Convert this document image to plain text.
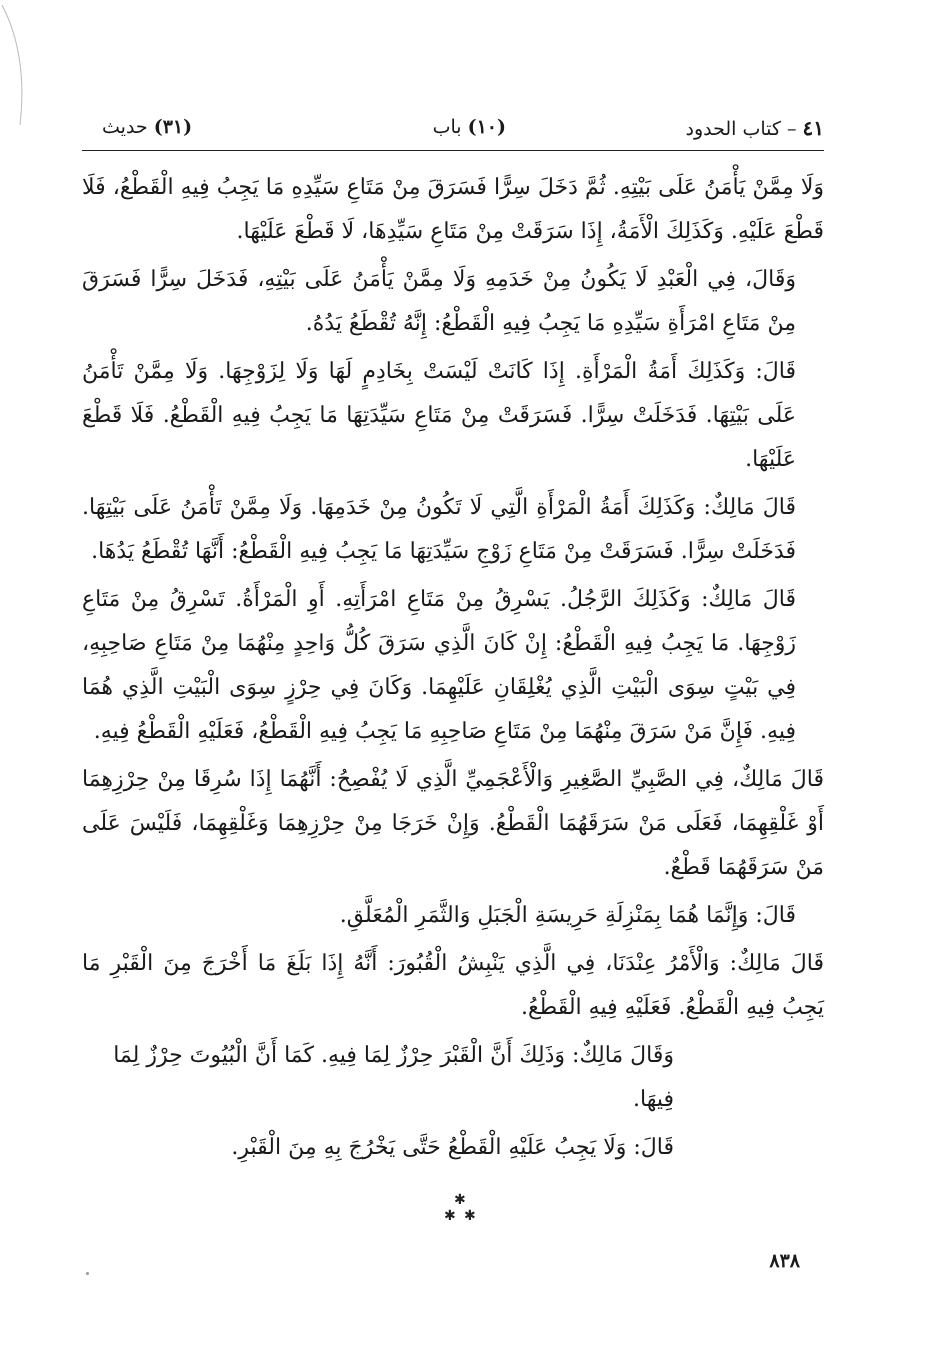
٤١ – كتاب الحدود
(١٠) باب
(٣١) حديث

وَلَا مِمَّنْ يَأْمَنُ عَلَى بَيْتِهِ. ثُمَّ دَخَلَ سِرًّا فَسَرَقَ مِنْ مَتَاعِ سَيِّدِهِ مَا يَجِبُ فِيهِ الْقَطْعُ، فَلَا قَطْعَ عَلَيْهِ. وَكَذَلِكَ الْأَمَةُ، إِذَا سَرَقَتْ مِنْ مَتَاعِ سَيِّدِهَا، لَا قَطْعَ عَلَيْهَا.

وَقَالَ، فِي الْعَبْدِ لَا يَكُونُ مِنْ خَدَمِهِ وَلَا مِمَّنْ يَأْمَنُ عَلَى بَيْتِهِ، فَدَخَلَ سِرًّا فَسَرَقَ مِنْ مَتَاعِ امْرَأَةِ سَيِّدِهِ مَا يَجِبُ فِيهِ الْقَطْعُ: إِنَّهُ تُقْطَعُ يَدُهُ.

قَالَ: وَكَذَلِكَ أَمَةُ الْمَرْأَةِ. إِذَا كَانَتْ لَيْسَتْ بِخَادِمٍ لَهَا وَلَا لِزَوْجِهَا. وَلَا مِمَّنْ تَأْمَنُ عَلَى بَيْتِهَا. فَدَخَلَتْ سِرًّا. فَسَرَقَتْ مِنْ مَتَاعِ سَيِّدَتِهَا مَا يَجِبُ فِيهِ الْقَطْعُ. فَلَا قَطْعَ عَلَيْهَا.

قَالَ مَالِكٌ: وَكَذَلِكَ أَمَةُ الْمَرْأَةِ الَّتِي لَا تَكُونُ مِنْ خَدَمِهَا. وَلَا مِمَّنْ تَأْمَنُ عَلَى بَيْتِهَا. فَدَخَلَتْ سِرًّا. فَسَرَقَتْ مِنْ مَتَاعِ زَوْجِ سَيِّدَتِهَا مَا يَجِبُ فِيهِ الْقَطْعُ: أَنَّهَا تُقْطَعُ يَدُهَا.

قَالَ مَالِكٌ: وَكَذَلِكَ الرَّجُلُ. يَسْرِقُ مِنْ مَتَاعِ امْرَأَتِهِ. أَوِ الْمَرْأَةُ. تَسْرِقُ مِنْ مَتَاعِ زَوْجِهَا. مَا يَجِبُ فِيهِ الْقَطْعُ: إِنْ كَانَ الَّذِي سَرَقَ كُلُّ وَاحِدٍ مِنْهُمَا مِنْ مَتَاعِ صَاحِبِهِ، فِي بَيْتٍ سِوَى الْبَيْتِ الَّذِي يُغْلِقَانِ عَلَيْهِمَا. وَكَانَ فِي حِرْزٍ سِوَى الْبَيْتِ الَّذِي هُمَا فِيهِ. فَإِنَّ مَنْ سَرَقَ مِنْهُمَا مِنْ مَتَاعِ صَاحِبِهِ مَا يَجِبُ فِيهِ الْقَطْعُ، فَعَلَيْهِ الْقَطْعُ فِيهِ.

قَالَ مَالِكٌ، فِي الصَّبِيِّ الصَّغِيرِ وَالْأَعْجَمِيِّ الَّذِي لَا يُفْصِحُ: أَنَّهُمَا إِذَا سُرِقَا مِنْ حِرْزِهِمَا أَوْ غَلْقِهِمَا، فَعَلَى مَنْ سَرَقَهُمَا الْقَطْعُ. وَإِنْ خَرَجَا مِنْ حِرْزِهِمَا وَغَلْقِهِمَا، فَلَيْسَ عَلَى مَنْ سَرَقَهُمَا قَطْعٌ.

قَالَ: وَإِنَّمَا هُمَا بِمَنْزِلَةِ حَرِيسَةِ الْجَبَلِ وَالثَّمَرِ الْمُعَلَّقِ.

قَالَ مَالِكٌ: وَالْأَمْرُ عِنْدَنَا، فِي الَّذِي يَنْبِشُ الْقُبُورَ: أَنَّهُ إِذَا بَلَغَ مَا أَخْرَجَ مِنَ الْقَبْرِ مَا يَجِبُ فِيهِ الْقَطْعُ. فَعَلَيْهِ فِيهِ الْقَطْعُ.

وَقَالَ مَالِكٌ: وَذَلِكَ أَنَّ الْقَبْرَ حِرْزٌ لِمَا فِيهِ. كَمَا أَنَّ الْبُيُوتَ حِرْزٌ لِمَا فِيهَا.

قَالَ: وَلَا يَجِبُ عَلَيْهِ الْقَطْعُ حَتَّى يَخْرُجَ بِهِ مِنَ الْقَبْرِ.

✱
✱ ✱
٨٣٨
